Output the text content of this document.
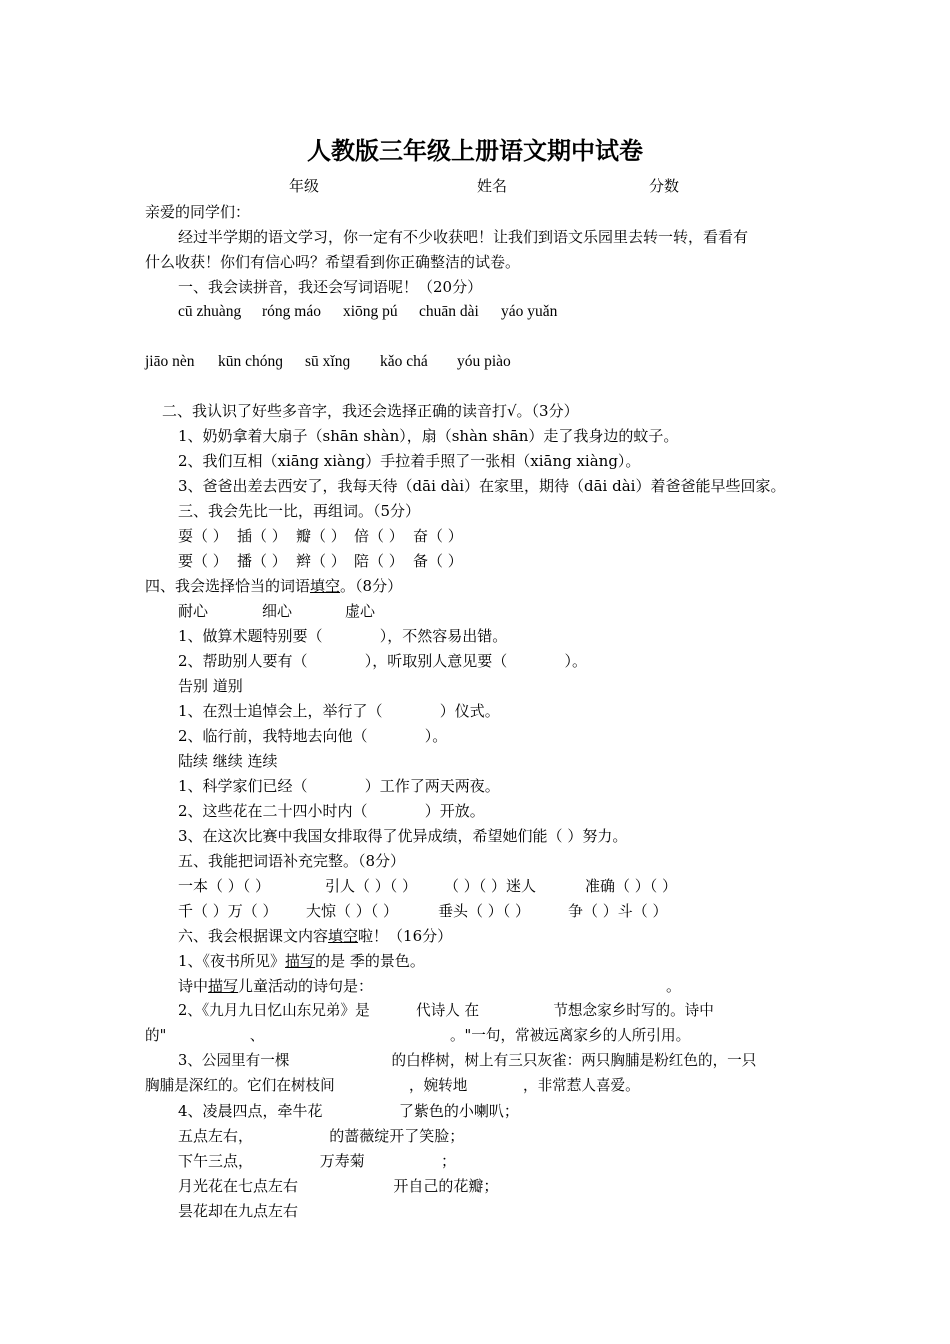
人教版三年级上册语文期中试卷
年级	姓名	分数
亲爱的同学们：
经过半学期的语文学习，你一定有不少收获吧！让我们到语文乐园里去转一转，看看有
什么收获！你们有信心吗？希望看到你正确整洁的试卷。
一、我会读拼音，我还会写词语呢！（20分）
cū zhuàng róng máo xiōng pú chuān dài yáo yuǎn
jiāo nèn kūn chónɡ sū xǐnɡ kǎo chá yóu piào
二、我认识了好些多音字，我还会选择正确的读音打√。（3分）
1、奶奶拿着大扇子（shān shàn），扇（shàn shān）走了我身边的蚊子。
2、我们互相（xiāng xiàng）手拉着手照了一张相（xiāng xiàng）。
3、爸爸出差去西安了，我每天待（dāi dài）在家里，期待（dāi dài）着爸爸能早些回家。
三、我会先比一比，再组词。（5分）
耍（ ） 插（ ） 瓣（ ） 倍（ ） 奋（ ）
要（ ） 播（ ） 辫（ ） 陪（ ） 备（ ）
四、我会选择恰当的词语填空。（8分）
耐心	细心	虚心
1、做算术题特别要（            ），不然容易出错。
2、帮助别人要有（            ），听取别人意见要（            ）。
告别 道别
1、在烈士追悼会上，举行了（            ）仪式。
2、临行前，我特地去向他（            ）。
陆续 继续 连续
1、科学家们已经（            ）工作了两天两夜。
2、这些花在二十四小时内（            ）开放。
3、在这次比赛中我国女排取得了优异成绩，希望她们能（ ）努力。
五、我能把词语补充完整。（8分）
一本（ ）（ ）	引人（ ）（ ） （ ）（ ）迷人	准确（ ）（ ）
千（ ）万（ ） 大惊（ ）（ ）	垂头（ ）（ ）	争（ ）斗（ ）
六、我会根据课文内容填空啦！（16分）
1、《夜书所见》描写的是 季的景色。
诗中描写儿童活动的诗句是：	。
2、《九月九日忆山东兄弟》是          代诗人 在                节想念家乡时写的。诗中
的"                  、                                        。"一句，常被远离家乡的人所引用。
3、公园里有一棵                      的白桦树，树上有三只灰雀：两只胸脯是粉红色的，一只
胸脯是深红的。它们在树枝间                ，婉转地            ，非常惹人喜爱。
4、凌晨四点，牵牛花                了紫色的小喇叭；
五点左右，                的蔷薇绽开了笑脸；
下午三点，              万寿菊                ；
月光花在七点左右                    开自己的花瓣；
昙花却在九点左右
